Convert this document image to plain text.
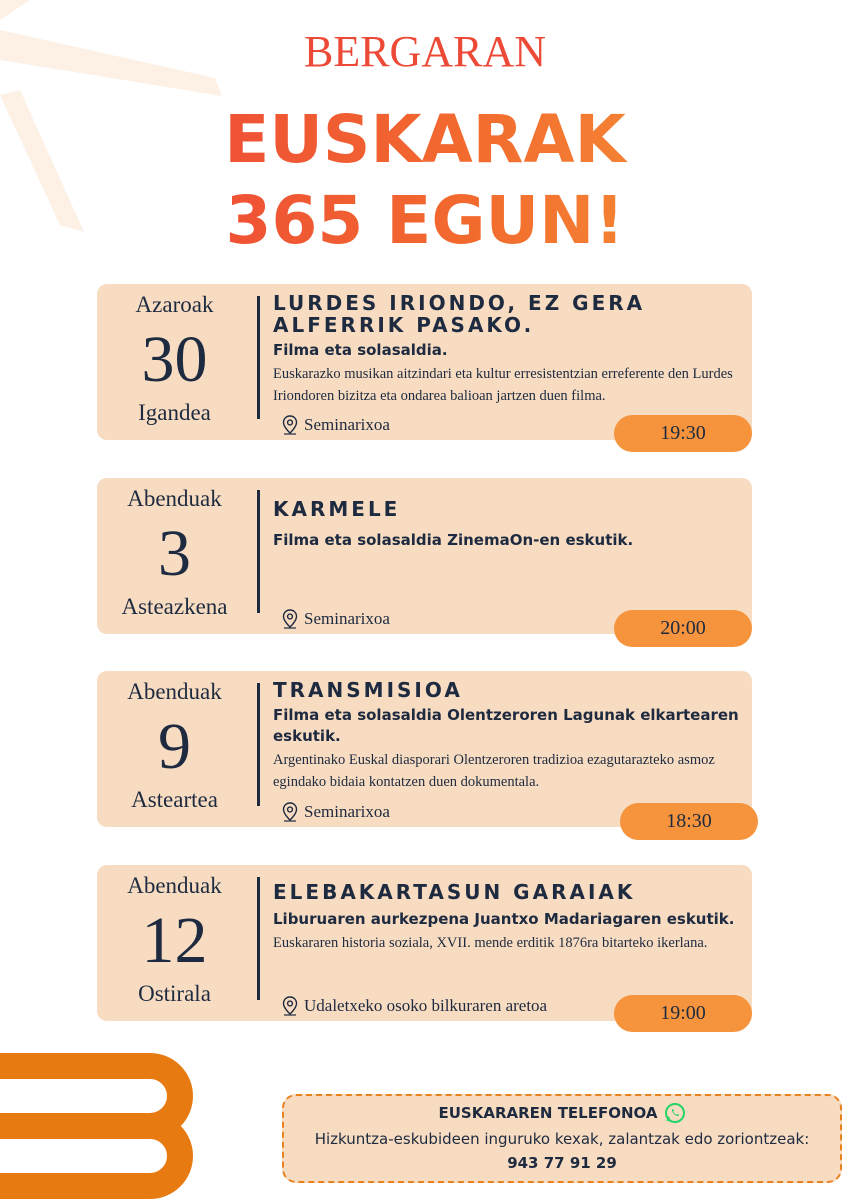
BERGARAN
EUSKARAK
365 EGUN!
Azaroak
30
Igandea
LURDES IRIONDO, EZ GERA
ALFERRIK PASAKO.
Filma eta solasaldia.
Euskarazko musikan aitzindari eta kultur erresistentzian erreferente den Lurdes Iriondoren bizitza eta ondarea balioan jartzen duen filma.
Seminarixoa	19:30
Abenduak
3
Asteazkena
KARMELE
Filma eta solasaldia ZinemaOn-en eskutik.
Seminarixoa	20:00
Abenduak
9
Asteartea
TRANSMISIOA
Filma eta solasaldia Olentzeroren Lagunak elkartearen eskutik.
Argentinako Euskal diasporari Olentzeroren tradizioa ezagutarazteko asmoz egindako bidaia kontatzen duen dokumentala.
Seminarixoa	18:30
Abenduak
12
Ostirala
ELEBAKARTASUN GARAIAK
Liburuaren aurkezpena Juantxo Madariagaren eskutik.
Euskararen historia soziala, XVII. mende erditik 1876ra bitarteko ikerlana.
Udaletxeko osoko bilkuraren aretoa	19:00
EUSKARAREN TELEFONOA
Hizkuntza-eskubideen inguruko kexak, zalantzak edo zoriontzeak:
943 77 91 29
